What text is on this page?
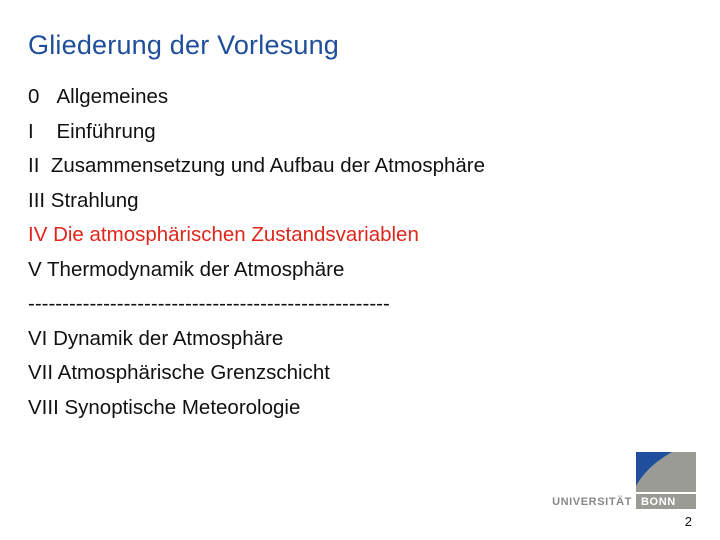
Gliederung der Vorlesung
0 Allgemeines
I Einführung
II Zusammensetzung und Aufbau der Atmosphäre
III Strahlung
IV Die atmosphärischen Zustandsvariablen
V Thermodynamik der Atmosphäre
-----------------------------------------------------
VI Dynamik der Atmosphäre
VII Atmosphärische Grenzschicht
VIII Synoptische Meteorologie
UNIVERSITÄT BONN
2
